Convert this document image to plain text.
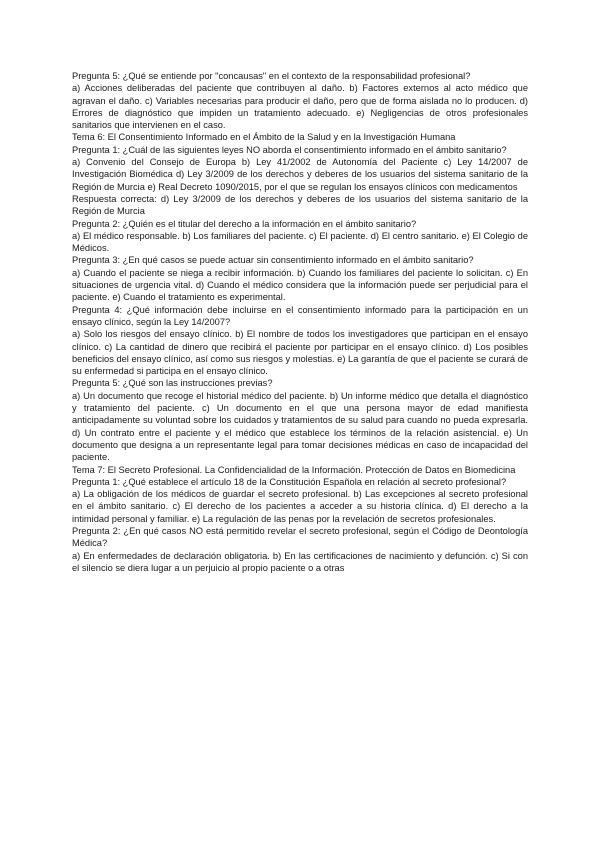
Pregunta 5: ¿Qué se entiende por "concausas" en el contexto de la responsabilidad profesional?

a) Acciones deliberadas del paciente que contribuyen al daño. b) Factores externos al acto médico que agravan el daño. c) Variables necesarias para producir el daño, pero que de forma aislada no lo producen. d) Errores de diagnóstico que impiden un tratamiento adecuado. e) Negligencias de otros profesionales sanitarios que intervienen en el caso.

Tema 6: El Consentimiento Informado en el Ámbito de la Salud y en la Investigación Humana

Pregunta 1: ¿Cuál de las siguientes leyes NO aborda el consentimiento informado en el ámbito sanitario?

a) Convenio del Consejo de Europa b) Ley 41/2002 de Autonomía del Paciente c) Ley 14/2007 de Investigación Biomédica d) Ley 3/2009 de los derechos y deberes de los usuarios del sistema sanitario de la Región de Murcia e) Real Decreto 1090/2015, por el que se regulan los ensayos clínicos con medicamentos

Respuesta correcta: d) Ley 3/2009 de los derechos y deberes de los usuarios del sistema sanitario de la Región de Murcia

Pregunta 2: ¿Quién es el titular del derecho a la información en el ámbito sanitario?

a) El médico responsable. b) Los familiares del paciente. c) El paciente. d) El centro sanitario. e) El Colegio de Médicos.

Pregunta 3: ¿En qué casos se puede actuar sin consentimiento informado en el ámbito sanitario?

a) Cuando el paciente se niega a recibir información. b) Cuando los familiares del paciente lo solicitan. c) En situaciones de urgencia vital. d) Cuando el médico considera que la información puede ser perjudicial para el paciente. e) Cuando el tratamiento es experimental.

Pregunta 4: ¿Qué información debe incluirse en el consentimiento informado para la participación en un ensayo clínico, según la Ley 14/2007?

a) Solo los riesgos del ensayo clínico. b) El nombre de todos los investigadores que participan en el ensayo clínico. c) La cantidad de dinero que recibirá el paciente por participar en el ensayo clínico. d) Los posibles beneficios del ensayo clínico, así como sus riesgos y molestias. e) La garantía de que el paciente se curará de su enfermedad si participa en el ensayo clínico.

Pregunta 5: ¿Qué son las instrucciones previas?

a) Un documento que recoge el historial médico del paciente. b) Un informe médico que detalla el diagnóstico y tratamiento del paciente. c) Un documento en el que una persona mayor de edad manifiesta anticipadamente su voluntad sobre los cuidados y tratamientos de su salud para cuando no pueda expresarla. d) Un contrato entre el paciente y el médico que establece los términos de la relación asistencial. e) Un documento que designa a un representante legal para tomar decisiones médicas en caso de incapacidad del paciente.

Tema 7: El Secreto Profesional. La Confidencialidad de la Información. Protección de Datos en Biomedicina

Pregunta 1: ¿Qué establece el artículo 18 de la Constitución Española en relación al secreto profesional?

a) La obligación de los médicos de guardar el secreto profesional. b) Las excepciones al secreto profesional en el ámbito sanitario. c) El derecho de los pacientes a acceder a su historia clínica. d) El derecho a la intimidad personal y familiar. e) La regulación de las penas por la revelación de secretos profesionales.

Pregunta 2: ¿En qué casos NO está permitido revelar el secreto profesional, según el Código de Deontología Médica?

a) En enfermedades de declaración obligatoria. b) En las certificaciones de nacimiento y defunción. c) Si con el silencio se diera lugar a un perjuicio al propio paciente o a otras
